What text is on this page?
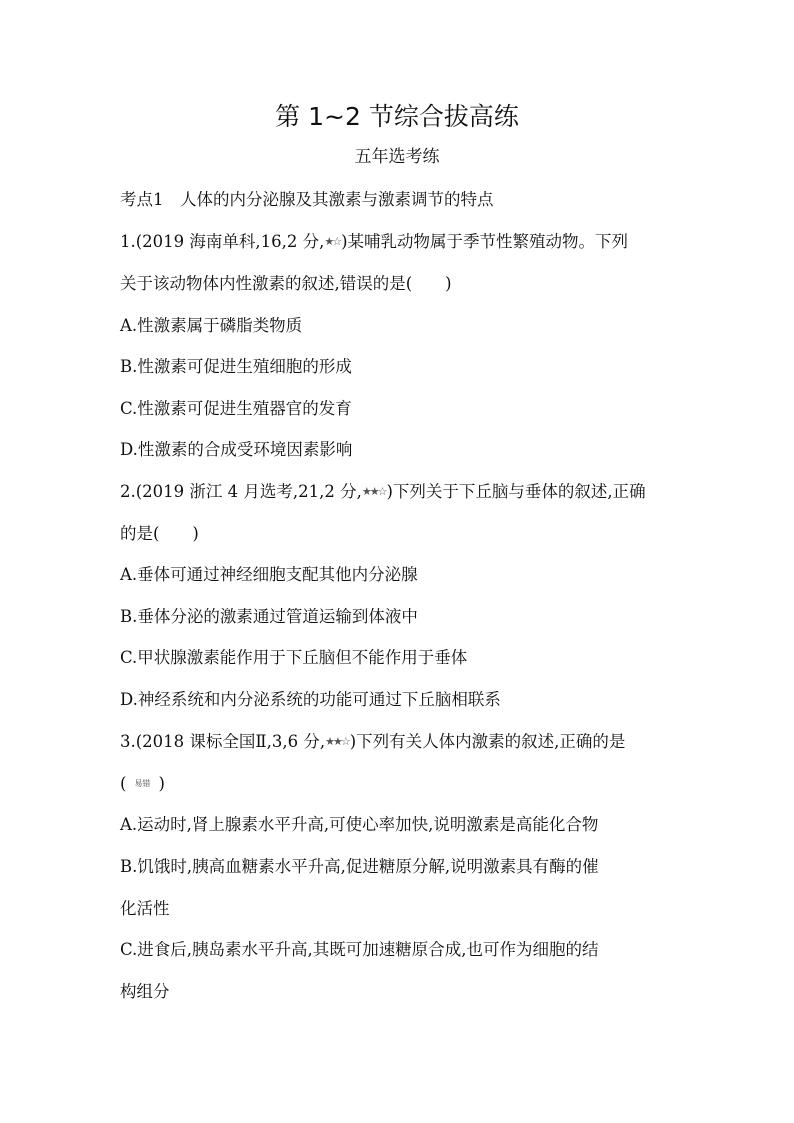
第 1~2 节综合拔高练
五年选考练
考点1　人体的内分泌腺及其激素与激素调节的特点
1.(2019 海南单科,16,2 分,★☆)某哺乳动物属于季节性繁殖动物。下列
关于该动物体内性激素的叙述,错误的是(　　)
A.性激素属于磷脂类物质
B.性激素可促进生殖细胞的形成
C.性激素可促进生殖器官的发育
D.性激素的合成受环境因素影响
2.(2019 浙江 4 月选考,21,2 分,★★☆)下列关于下丘脑与垂体的叙述,正确
的是(　　)
A.垂体可通过神经细胞支配其他内分泌腺
B.垂体分泌的激素通过管道运输到体液中
C.甲状腺激素能作用于下丘脑但不能作用于垂体
D.神经系统和内分泌系统的功能可通过下丘脑相联系
3.(2018 课标全国Ⅱ,3,6 分,★★☆)下列有关人体内激素的叙述,正确的是
( 易错 )
A.运动时,肾上腺素水平升高,可使心率加快,说明激素是高能化合物
B.饥饿时,胰高血糖素水平升高,促进糖原分解,说明激素具有酶的催
化活性
C.进食后,胰岛素水平升高,其既可加速糖原合成,也可作为细胞的结
构组分
